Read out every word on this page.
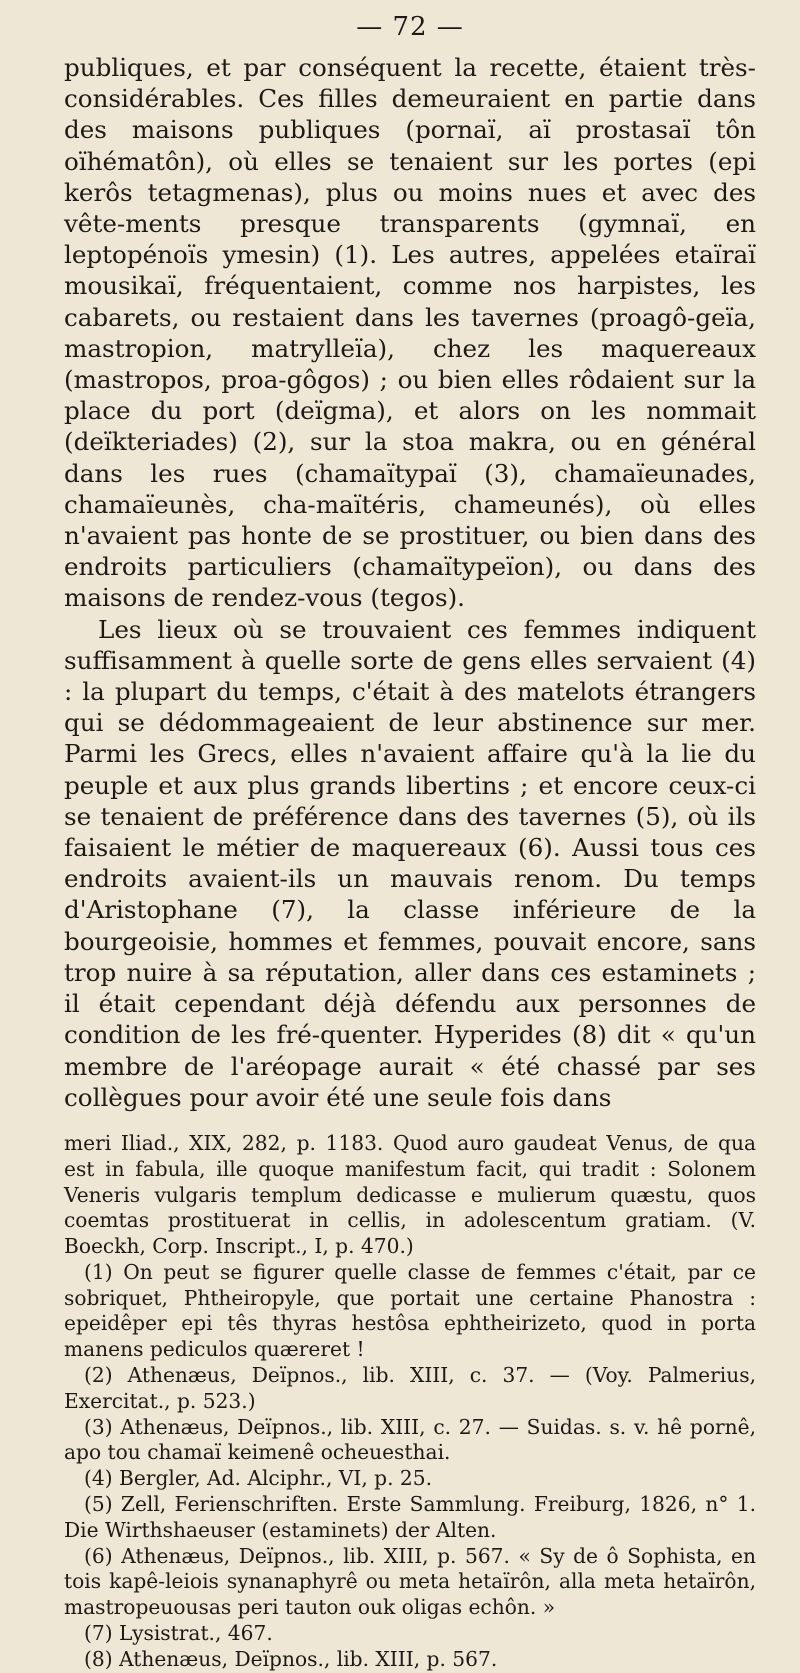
— 72 —

publiques, et par conséquent la recette, étaient très-considérables. Ces filles demeuraient en partie dans des maisons publiques (pornaï, aï prostasaï tôn oïhématôn), où elles se tenaient sur les portes (epi kerôs tetagmenas), plus ou moins nues et avec des vête-ments presque transparents (gymnaï, en leptopénoïs ymesin) (1). Les autres, appelées etaïraï mousikaï, fréquentaient, comme nos harpistes, les cabarets, ou restaient dans les tavernes (proagô-geïa, mastropion, matrylleïa), chez les maquereaux (mastropos, proa-gôgos) ; ou bien elles rôdaient sur la place du port (deïgma), et alors on les nommait (deïkteriades) (2), sur la stoa makra, ou en général dans les rues (chamaïtypaï (3), chamaïeunades, chamaïeunès, cha-maïtéris, chameunés), où elles n'avaient pas honte de se prostituer, ou bien dans des endroits particuliers (chamaïtypeïon), ou dans des maisons de rendez-vous (tegos).

Les lieux où se trouvaient ces femmes indiquent suffisamment à quelle sorte de gens elles servaient (4) : la plupart du temps, c'était à des matelots étrangers qui se dédommageaient de leur abstinence sur mer. Parmi les Grecs, elles n'avaient affaire qu'à la lie du peuple et aux plus grands libertins ; et encore ceux-ci se tenaient de préférence dans des tavernes (5), où ils faisaient le métier de maquereaux (6). Aussi tous ces endroits avaient-ils un mauvais renom. Du temps d'Aristophane (7), la classe inférieure de la bourgeoisie, hommes et femmes, pouvait encore, sans trop nuire à sa réputation, aller dans ces estaminets ; il était cependant déjà défendu aux personnes de condition de les fré-quenter. Hyperides (8) dit « qu'un membre de l'aréopage aurait « été chassé par ses collègues pour avoir été une seule fois dans

meri Iliad., XIX, 282, p. 1183. Quod auro gaudeat Venus, de qua est in fabula, ille quoque manifestum facit, qui tradit : Solonem Veneris vulgaris templum dedicasse e mulierum quæstu, quos coemtas prostituerat in cellis, in adolescentum gratiam. (V. Boeckh, Corp. Inscript., I, p. 470.)

(1) On peut se figurer quelle classe de femmes c'était, par ce sobriquet, Phtheiropyle, que portait une certaine Phanostra : epeidêper epi tês thyras hestôsa ephtheirizeto, quod in porta manens pediculos quæreret !

(2) Athenæus, Deïpnos., lib. XIII, c. 37. — (Voy. Palmerius, Exercitat., p. 523.)

(3) Athenæus, Deïpnos., lib. XIII, c. 27. — Suidas. s. v. hê pornê, apo tou chamaï keimenê ocheuesthai.

(4) Bergler, Ad. Alciphr., VI, p. 25.

(5) Zell, Ferienschriften. Erste Sammlung. Freiburg, 1826, n° 1. Die Wirthshaeuser (estaminets) der Alten.

(6) Athenæus, Deïpnos., lib. XIII, p. 567. « Sy de ô Sophista, en tois kapê-leiois synanaphyrê ou meta hetaïrôn, alla meta hetaïrôn, mastropeuousas peri tauton ouk oligas echôn. »

(7) Lysistrat., 467.

(8) Athenæus, Deïpnos., lib. XIII, p. 567.
